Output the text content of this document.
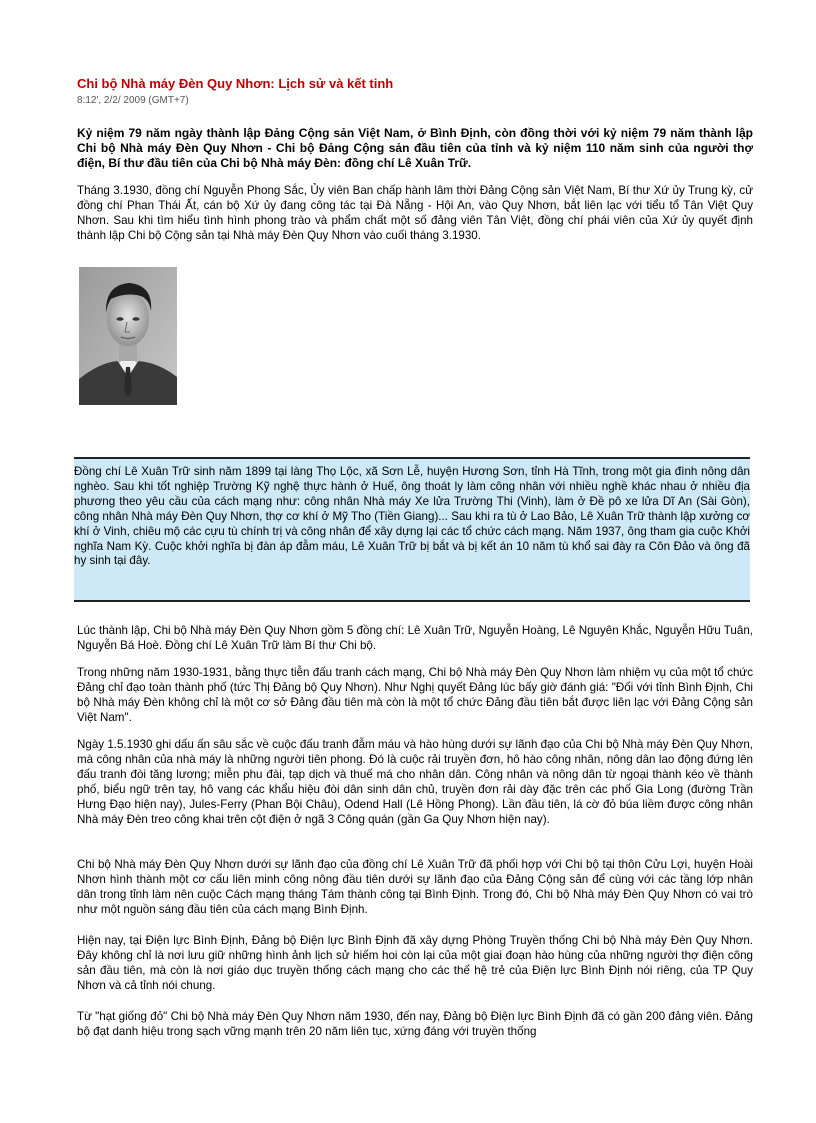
Chi bộ Nhà máy Đèn Quy Nhơn: Lịch sử và kết tinh
8:12', 2/2/ 2009 (GMT+7)
Kỷ niệm 79 năm ngày thành lập Đảng Cộng sản Việt Nam, ở Bình Định, còn đồng thời với kỷ niệm 79 năm thành lập Chi bộ Nhà máy Đèn Quy Nhơn - Chi bộ Đảng Cộng sản đầu tiên của tỉnh và kỷ niệm 110 năm sinh của người thợ điện, Bí thư đầu tiên của Chi bộ Nhà máy Đèn: đồng chí Lê Xuân Trữ.
Tháng 3.1930, đồng chí Nguyễn Phong Sắc, Ủy viên Ban chấp hành lâm thời Đảng Cộng sản Việt Nam, Bí thư Xứ ủy Trung kỳ, cử đồng chí Phan Thái Ất, cán bộ Xứ ủy đang công tác tại Đà Nẵng - Hội An, vào Quy Nhơn, bắt liên lạc với tiểu tổ Tân Việt Quy Nhơn. Sau khi tìm hiểu tình hình phong trào và phẩm chất một số đảng viên Tân Việt, đồng chí phái viên của Xứ ủy quyết định thành lập Chi bộ Cộng sản tại Nhà máy Đèn Quy Nhơn vào cuối tháng 3.1930.
Đồng chí Lê Xuân Trữ sinh năm 1899 tại làng Thọ Lộc, xã Sơn Lễ, huyện Hương Sơn, tỉnh Hà Tĩnh, trong một gia đình nông dân nghèo. Sau khi tốt nghiệp Trường Kỹ nghệ thực hành ở Huế, ông thoát ly làm công nhân với nhiều nghề khác nhau ở nhiều địa phương theo yêu cầu của cách mạng như: công nhân Nhà máy Xe lửa Trường Thi (Vinh), làm ở Đề pô xe lửa Dĩ An (Sài Gòn), công nhân Nhà máy Đèn Quy Nhơn, thợ cơ khí ở Mỹ Tho (Tiền Giang)... Sau khi ra tù ở Lao Bảo, Lê Xuân Trữ thành lập xưởng cơ khí ở Vinh, chiêu mộ các cựu tù chính trị và công nhân để xây dựng lại các tổ chức cách mạng. Năm 1937, ông tham gia cuộc Khởi nghĩa Nam Kỳ. Cuộc khởi nghĩa bị đàn áp đẫm máu, Lê Xuân Trữ bị bắt và bị kết án 10 năm tù khổ sai đày ra Côn Đảo và ông đã hy sinh tại đây.
Lúc thành lập, Chi bộ Nhà máy Đèn Quy Nhơn gồm 5 đồng chí: Lê Xuân Trữ, Nguyễn Hoàng, Lê Nguyên Khắc, Nguyễn Hữu Tuân, Nguyễn Bá Hoè. Đồng chí Lê Xuân Trữ làm Bí thư Chi bộ.
Trong những năm 1930-1931, bằng thực tiễn đấu tranh cách mạng, Chi bộ Nhà máy Đèn Quy Nhơn làm nhiệm vụ của một tổ chức Đảng chỉ đạo toàn thành phố (tức Thị Đảng bộ Quy Nhơn). Như Nghị quyết Đảng lúc bấy giờ đánh giá: "Đối với tỉnh Bình Định, Chi bộ Nhà máy Đèn không chỉ là một cơ sở Đảng đầu tiên mà còn là một tổ chức Đảng đầu tiên bắt được liên lạc với Đảng Cộng sản Việt Nam".
Ngày 1.5.1930 ghi dấu ấn sâu sắc về cuộc đấu tranh đẫm máu và hào hùng dưới sự lãnh đạo của Chi bộ Nhà máy Đèn Quy Nhơn, mà công nhân của nhà máy là những người tiên phong. Đó là cuộc rải truyền đơn, hô hào công nhân, nông dân lao động đứng lên đấu tranh đòi tăng lương; miễn phu đài, tạp dịch và thuế má cho nhân dân. Công nhân và nông dân từ ngoại thành kéo về thành phố, biểu ngữ trên tay, hô vang các khẩu hiệu đòi dân sinh dân chủ, truyền đơn rải dày đặc trên các phố Gia Long (đường Trần Hưng Đạo hiện nay), Jules-Ferry (Phan Bội Châu), Odend Hall (Lê Hồng Phong). Lần đầu tiên, lá cờ đỏ búa liềm được công nhân Nhà máy Đèn treo công khai trên cột điện ở ngã 3 Công quán (gần Ga Quy Nhơn hiện nay).
Chi bộ Nhà máy Đèn Quy Nhơn dưới sự lãnh đạo của đồng chí Lê Xuân Trữ đã phối hợp với Chi bộ tại thôn Cửu Lợi, huyện Hoài Nhơn hình thành một cơ cấu liên minh công nông đầu tiên dưới sự lãnh đạo của Đảng Cộng sản để cùng với các tầng lớp nhân dân trong tỉnh làm nên cuộc Cách mạng tháng Tám thành công tại Bình Định. Trong đó, Chi bộ Nhà máy Đèn Quy Nhơn có vai trò như một nguồn sáng đầu tiên của cách mạng Bình Định.
Hiện nay, tại Điện lực Bình Định, Đảng bộ Điện lực Bình Định đã xây dựng Phòng Truyền thống Chi bộ Nhà máy Đèn Quy Nhơn. Đây không chỉ là nơi lưu giữ những hình ảnh lịch sử hiếm hoi còn lại của một giai đoạn hào hùng của những người thợ điện công sản đầu tiên, mà còn là nơi giáo dục truyền thống cách mạng cho các thế hệ trẻ của Điện lực Bình Định nói riêng, của TP Quy Nhơn và cả tỉnh nói chung.
Từ "hạt giống đỏ" Chi bộ Nhà máy Đèn Quy Nhơn năm 1930, đến nay, Đảng bộ Điện lực Bình Định đã có gần 200 đảng viên. Đảng bộ đạt danh hiệu trong sạch vững mạnh trên 20 năm liên tục, xứng đáng với truyền thống
